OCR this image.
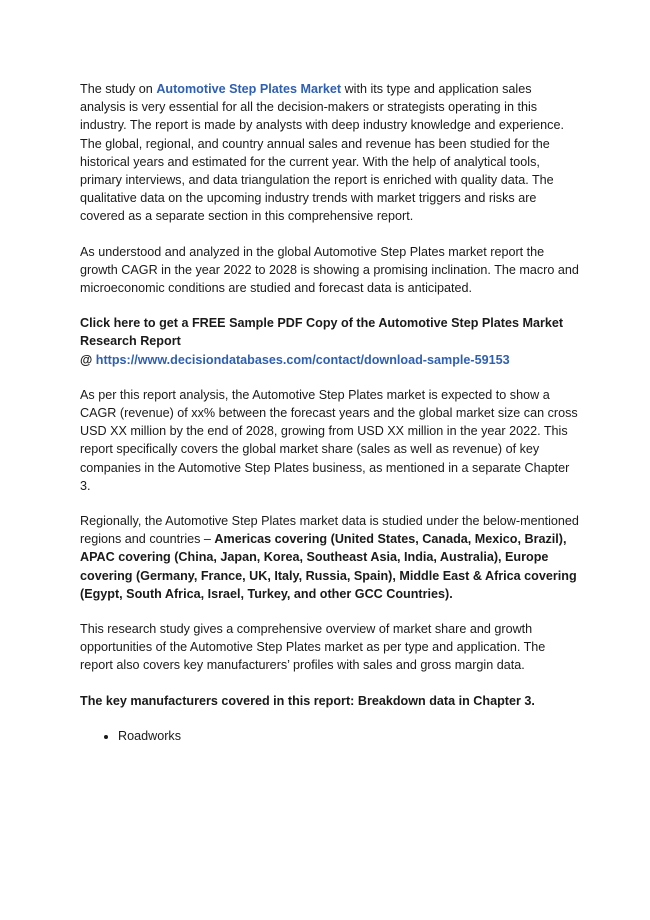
The study on Automotive Step Plates Market with its type and application sales analysis is very essential for all the decision-makers or strategists operating in this industry. The report is made by analysts with deep industry knowledge and experience. The global, regional, and country annual sales and revenue has been studied for the historical years and estimated for the current year. With the help of analytical tools, primary interviews, and data triangulation the report is enriched with quality data. The qualitative data on the upcoming industry trends with market triggers and risks are covered as a separate section in this comprehensive report.

As understood and analyzed in the global Automotive Step Plates market report the growth CAGR in the year 2022 to 2028 is showing a promising inclination. The macro and microeconomic conditions are studied and forecast data is anticipated.

Click here to get a FREE Sample PDF Copy of the Automotive Step Plates Market Research Report
@ https://www.decisiondatabases.com/contact/download-sample-59153

As per this report analysis, the Automotive Step Plates market is expected to show a CAGR (revenue) of xx% between the forecast years and the global market size can cross USD XX million by the end of 2028, growing from USD XX million in the year 2022. This report specifically covers the global market share (sales as well as revenue) of key companies in the Automotive Step Plates business, as mentioned in a separate Chapter 3.

Regionally, the Automotive Step Plates market data is studied under the below-mentioned regions and countries – Americas covering (United States, Canada, Mexico, Brazil), APAC covering (China, Japan, Korea, Southeast Asia, India, Australia), Europe covering (Germany, France, UK, Italy, Russia, Spain), Middle East & Africa covering (Egypt, South Africa, Israel, Turkey, and other GCC Countries).

This research study gives a comprehensive overview of market share and growth opportunities of the Automotive Step Plates market as per type and application. The report also covers key manufacturers’ profiles with sales and gross margin data.

The key manufacturers covered in this report: Breakdown data in Chapter 3.

• Roadworks
